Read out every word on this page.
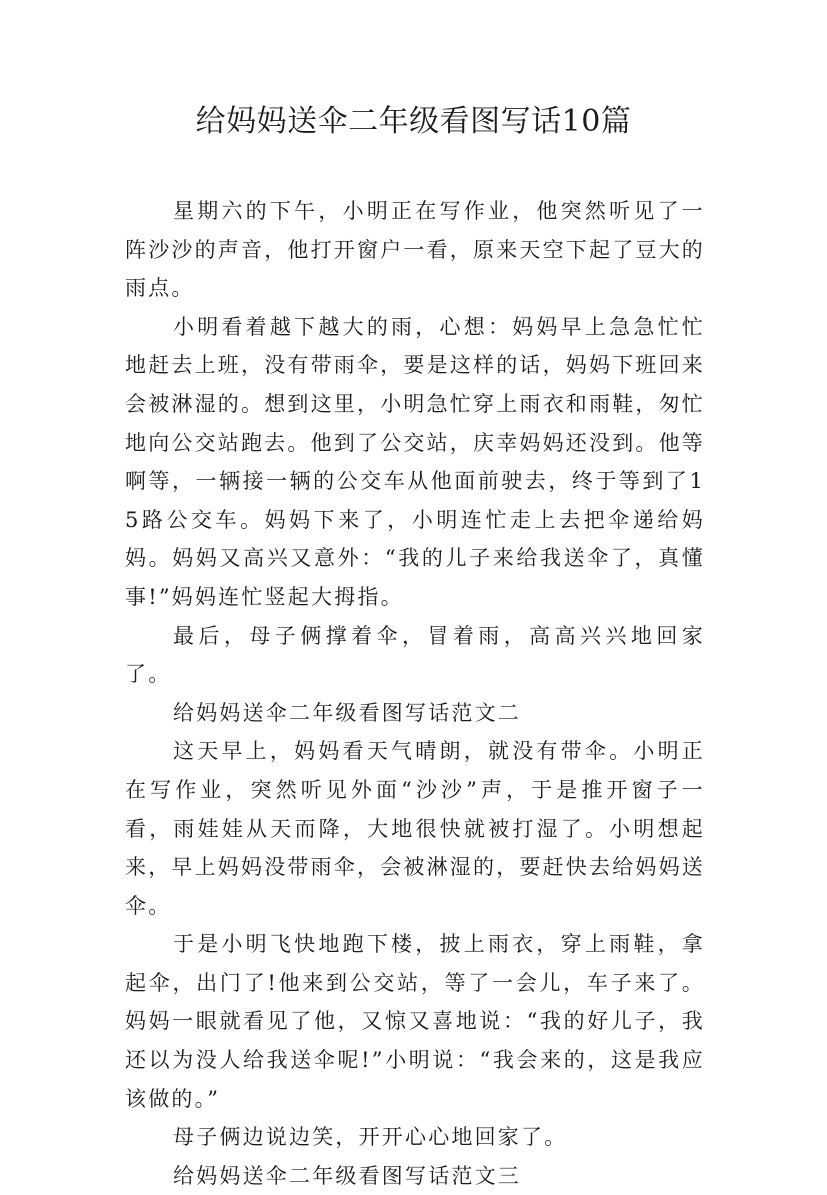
给妈妈送伞二年级看图写话10篇

星期六的下午，小明正在写作业，他突然听见了一阵沙沙的声音，他打开窗户一看，原来天空下起了豆大的雨点。

小明看着越下越大的雨，心想：妈妈早上急急忙忙地赶去上班，没有带雨伞，要是这样的话，妈妈下班回来会被淋湿的。想到这里，小明急忙穿上雨衣和雨鞋，匆忙地向公交站跑去。他到了公交站，庆幸妈妈还没到。他等啊等，一辆接一辆的公交车从他面前驶去，终于等到了15路公交车。妈妈下来了，小明连忙走上去把伞递给妈妈。妈妈又高兴又意外：“我的儿子来给我送伞了，真懂事!”妈妈连忙竖起大拇指。

最后，母子俩撑着伞，冒着雨，高高兴兴地回家了。

给妈妈送伞二年级看图写话范文二

这天早上，妈妈看天气晴朗，就没有带伞。小明正在写作业，突然听见外面“沙沙”声，于是推开窗子一看，雨娃娃从天而降，大地很快就被打湿了。小明想起来，早上妈妈没带雨伞，会被淋湿的，要赶快去给妈妈送伞。

于是小明飞快地跑下楼，披上雨衣，穿上雨鞋，拿起伞，出门了!他来到公交站，等了一会儿，车子来了。妈妈一眼就看见了他，又惊又喜地说：“我的好儿子，我还以为没人给我送伞呢!”小明说：“我会来的，这是我应该做的。”

母子俩边说边笑，开开心心地回家了。

给妈妈送伞二年级看图写话范文三
